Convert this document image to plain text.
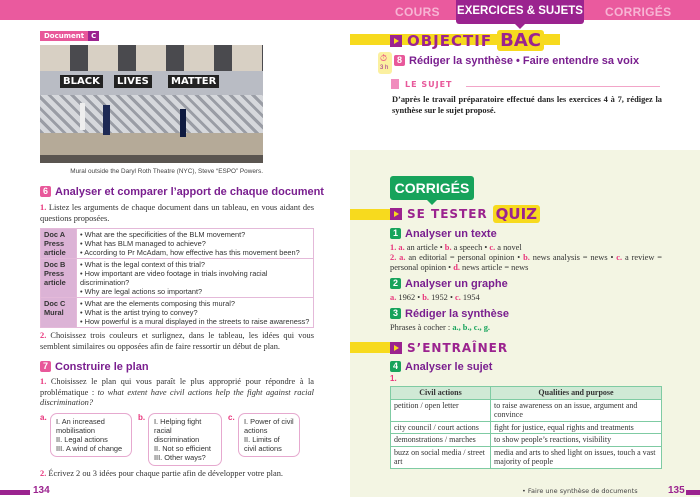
COURS EXERCICES & SUJETS CORRIGÉS
Document	C
BLACK	LIVES	MATTER
Mural outside the Daryl Roth Theatre (NYC), Steve “ESPO” Powers.
6 Analyser et comparer l’apport de chaque document
1. Listez les arguments de chaque document dans un tableau, en vous aidant des questions proposées.
Doc A Press article	• What are the specificities of the BLM movement?
• What has BLM managed to achieve?
• According to Pr McAdam, how effective has this movement been?

Doc B Press article	• What is the legal context of this trial?
• How important are video footage in trials involving racial discrimination?
• Why are legal actions so important?

Doc C Mural	• What are the elements composing this mural?
• What is the artist trying to convey?
• How powerful is a mural displayed in the streets to raise awareness?
2. Choisissez trois couleurs et surlignez, dans le tableau, les idées qui vous semblent similaires ou opposées afin de faire ressortir un début de plan.
7 Construire le plan
1. Choisissez le plan qui vous paraît le plus approprié pour répondre à la problématique : to what extent have civil actions help the fight against racial discrimination?
a.	I. An increased mobilisation
II. Legal actions
III. A wind of change
b.	I. Helping fight racial discrimination
II. Not so efficient
III. Other ways?
c.	I. Power of civil actions
II. Limits of civil actions
2. Écrivez 2 ou 3 idées pour chaque partie afin de développer votre plan.
134
OBJECTIF BAC
⏱
3 h
8 Rédiger la synthèse • Faire entendre sa voix
LE SUJET
D’après le travail préparatoire effectué dans les exercices 4 à 7, rédigez la synthèse sur le sujet proposé.
CORRIGÉS
SE TESTER QUIZ
1 Analyser un texte
1. a. an article • b. a speech • c. a novel
2. a. an editorial = personal opinion • b. news analysis = news • c. a review = personal opinion • d. news article = news
2 Analyser un graphe
a. 1962 • b. 1952 • c. 1954
3 Rédiger la synthèse
Phrases à cocher : a., b., c., g.
S’ENTRAÎNER
4 Analyser le sujet
1.
Civil actions	Qualities and purpose
petition / open letter	to raise awareness on an issue, argument and convince
city council / court actions	fight for justice, equal rights and treatments
demonstrations / marches	to show people’s reactions, visibility
buzz on social media / street art	media and arts to shed light on issues, touch a vast majority of people
• Faire une synthèse de documents	135
